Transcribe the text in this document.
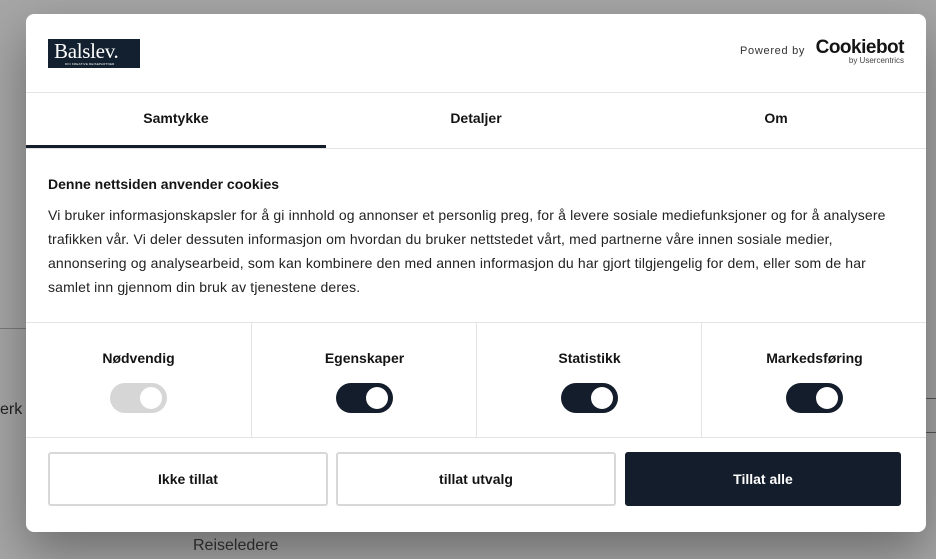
erk
Reiseledere
Balslev.
DIN KREATIVE REISEPARTNER
Powered by Cookiebot
by Usercentrics
Samtykke	Detaljer	Om
Denne nettsiden anvender cookies

Vi bruker informasjonskapsler for å gi innhold og annonser et personlig preg, for å levere sosiale mediefunksjoner og for å analysere trafikken vår. Vi deler dessuten informasjon om hvordan du bruker nettstedet vårt, med partnerne våre innen sosiale medier, annonsering og analysearbeid, som kan kombinere den med annen informasjon du har gjort tilgjengelig for dem, eller som de har samlet inn gjennom din bruk av tjenestene deres.

Nødvendig	Egenskaper	Statistikk	Markedsføring
Ikke tillat	tillat utvalg	Tillat alle
